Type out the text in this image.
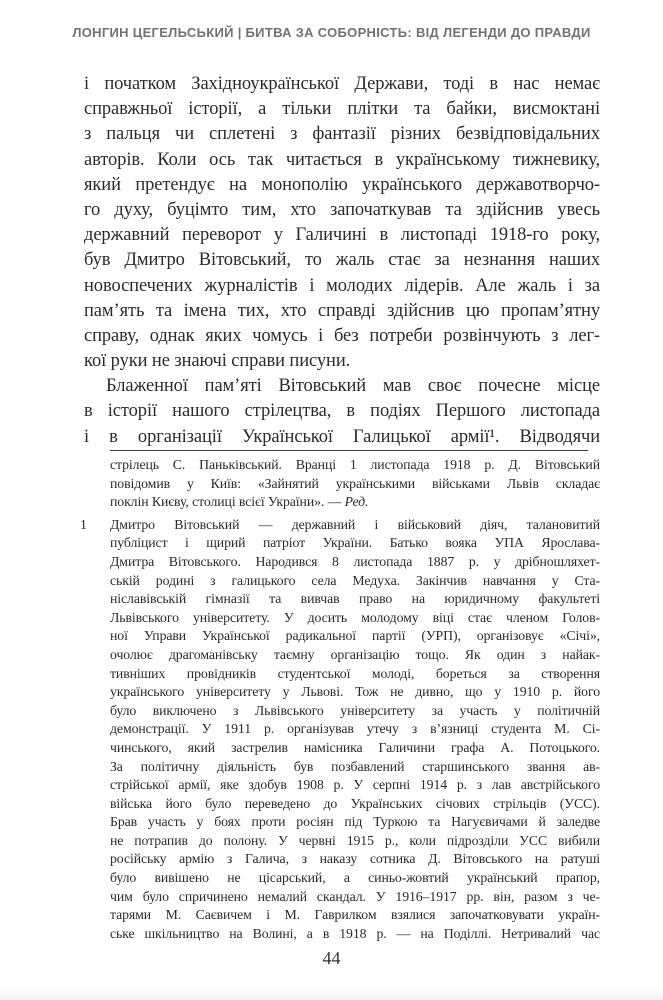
ЛОНГИН ЦЕГЕЛЬСЬКИЙ | БИТВА ЗА СОБОРНІСТЬ: ВІД ЛЕГЕНДИ ДО ПРАВДИ
і початком Західноукраїнської Держави, тоді в нас немає
справжньої історії, а тільки плітки та байки, висмоктані
з пальця чи сплетені з фантазії різних безвідповідальних
авторів. Коли ось так читається в українському тижневику,
який претендує на монополію українського державотворчо-
го духу, буцімто тим, хто започаткував та здійснив увесь
державний переворот у Галичині в листопаді 1918-го року,
був Дмитро Вітовський, то жаль стає за незнання наших
новоспечених журналістів і молодих лідерів. Але жаль і за
пам’ять та імена тих, хто справді здійснив цю пропам’ятну
справу, однак яких чомусь і без потреби розвінчують з лег-
кої руки не знаючі справи писуни.
Блаженної пам’яті Вітовський мав своє почесне місце
в історії нашого стрілецтва, в подіях Першого листопада
і в організації Української Галицької армії¹. Відводячи
стрілець С. Паньківський. Вранці 1 листопада 1918 р. Д. Вітовський
повідомив у Київ: «Зайнятий українськими військами Львів складає
поклін Києву, столиці всієї України». — Ред.
1	Дмитро Вітовський — державний і військовий діяч, талановитий
публіцист і щирий патріот України. Батько вояка УПА Ярослава-
Дмитра Вітовського. Народився 8 листопада 1887 р. у дрібношляхет-
ській родині з галицького села Медуха. Закінчив навчання у Ста-
ніславівській гімназії та вивчав право на юридичному факультеті
Львівського університету. У досить молодому віці стає членом Голов-
ної Управи Української радикальної партії (УРП), організовує «Січі»,
очолює драгоманівську таємну організацію тощо. Як один з найак-
тивніших провідників студентської молоді, бореться за створення
українського університету у Львові. Тож не дивно, що у 1910 р. його
було виключено з Львівського університету за участь у політичній
демонстрації. У 1911 р. організував утечу з в’язниці студента М. Сі-
чинського, який застрелив намісника Галичини графа А. Потоцького.
За політичну діяльність був позбавлений старшинського звання ав-
стрійської армії, яке здобув 1908 р. У серпні 1914 р. з лав австрійського
війська його було переведено до Українських січових стрільців (УСС).
Брав участь у боях проти росіян під Туркою та Нагуєвичами й заледве
не потрапив до полону. У червні 1915 р., коли підрозділи УСС вибили
російську армію з Галича, з наказу сотника Д. Вітовського на ратуші
було вивішено не цісарський, а синьо-жовтий український прапор,
чим було спричинено немалий скандал. У 1916–1917 рр. він, разом з че-
тарями М. Саєвичем і М. Гаврилком взялися започатковувати україн-
ське шкільництво на Волині, а в 1918 р. — на Поділлі. Нетривалий час
44
